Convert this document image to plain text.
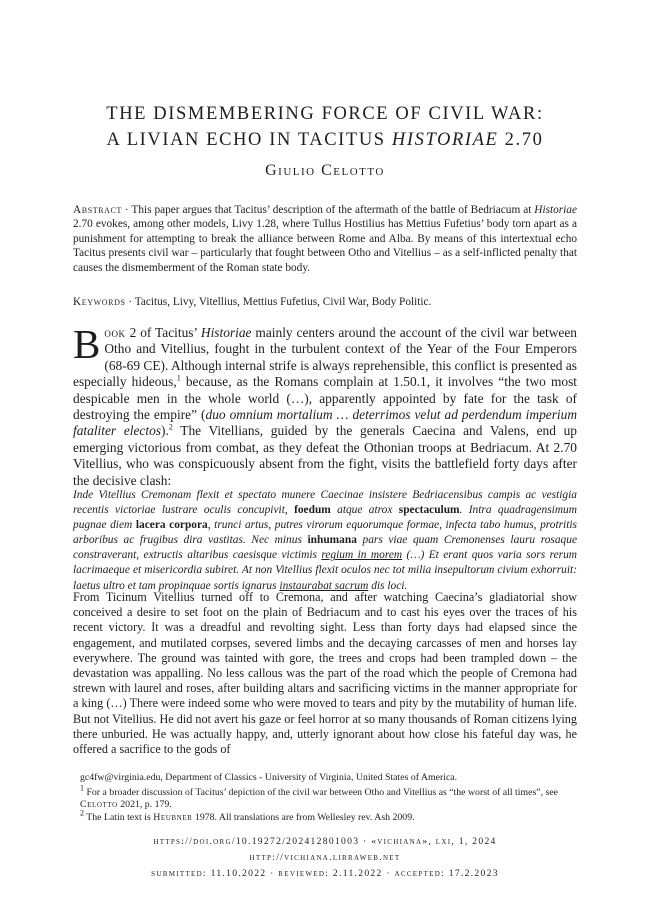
THE DISMEMBERING FORCE OF CIVIL WAR:
A LIVIAN ECHO IN TACITUS HISTORIAE 2.70
Giulio Celotto
Abstract · This paper argues that Tacitus’ description of the aftermath of the battle of Bedriacum at Historiae 2.70 evokes, among other models, Livy 1.28, where Tullus Hostilius has Mettius Fufetius’ body torn apart as a punishment for attempting to break the alliance between Rome and Alba. By means of this intertextual echo Tacitus presents civil war – particularly that fought between Otho and Vitellius – as a self-inflicted penalty that causes the dismemberment of the Roman state body.
Keywords · Tacitus, Livy, Vitellius, Mettius Fufetius, Civil War, Body Politic.
Book 2 of Tacitus’ Historiae mainly centers around the account of the civil war between Otho and Vitellius, fought in the turbulent context of the Year of the Four Emperors (68-69 CE). Although internal strife is always reprehensible, this conflict is presented as especially hideous,$^1$ because, as the Romans complain at 1.50.1, it involves “the two most despicable men in the whole world (…), apparently appointed by fate for the task of destroying the empire” (duo omnium mortalium … deterrimos velut ad perdendum imperium fataliter electos).$^2$ The Vitellians, guided by the generals Caecina and Valens, end up emerging victorious from combat, as they defeat the Othonian troops at Bedriacum. At 2.70 Vitellius, who was conspicuously absent from the fight, visits the battlefield forty days after the decisive clash:
Inde Vitellius Cremonam flexit et spectato munere Caecinae insistere Bedriacensibus campis ac vestigia recentis victoriae lustrare oculis concupivit, foedum atque atrox spectaculum. Intra quadragensimum pugnae diem lacera corpora, trunci artus, putres virorum equorumque formae, infecta tabo humus, protritis arboribus ac frugibus dira vastitas. Nec minus inhumana pars viae quam Cremonenses lauru rosaque constraverant, extructis altaribus caesisque victimis regium in morem (…) Et erant quos varia sors rerum lacrimaeque et misericordia subiret. At non Vitellius flexit oculos nec tot milia insepultorum civium exhorruit: laetus ultro et tam propinquae sortis ignarus instaurabat sacrum dis loci.
From Ticinum Vitellius turned off to Cremona, and after watching Caecina’s gladiatorial show conceived a desire to set foot on the plain of Bedriacum and to cast his eyes over the traces of his recent victory. It was a dreadful and revolting sight. Less than forty days had elapsed since the engagement, and mutilated corpses, severed limbs and the decaying carcasses of men and horses lay everywhere. The ground was tainted with gore, the trees and crops had been trampled down – the devastation was appalling. No less callous was the part of the road which the people of Cremona had strewn with laurel and roses, after building altars and sacrificing victims in the manner appropriate for a king (…) There were indeed some who were moved to tears and pity by the mutability of human life. But not Vitellius. He did not avert his gaze or feel horror at so many thousands of Roman citizens lying there unburied. He was actually happy, and, utterly ignorant about how close his fateful day was, he offered a sacrifice to the gods of
gc4fw@virginia.edu, Department of Classics - University of Virginia, United States of America.
$^1$ For a broader discussion of Tacitus’ depiction of the civil war between Otho and Vitellius as “the worst of all times”, see Celotto 2021, p. 179.
$^2$ The Latin text is Heubner 1978. All translations are from Wellesley rev. Ash 2009.
https://doi.org/10.19272/202412801003 · «vichiana», lxi, 1, 2024
http://vichiana.libraweb.net
submitted: 11.10.2022 · reviewed: 2.11.2022 · accepted: 17.2.2023
